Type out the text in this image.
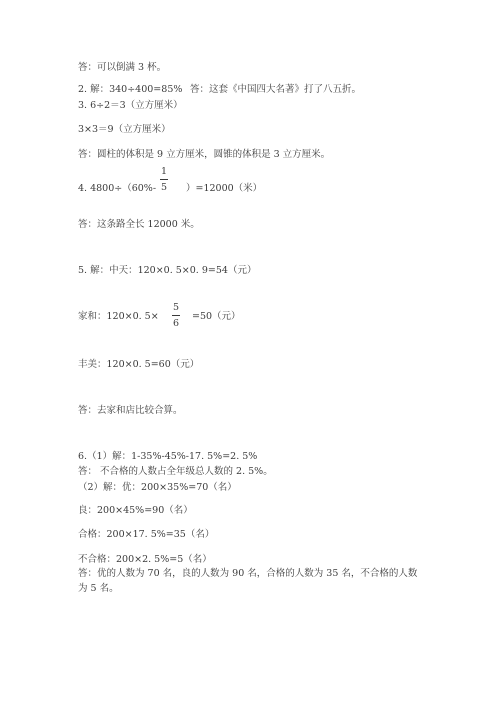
答：可以倒满 3 杯。
2. 解：340÷400=85% 答：这套《中国四大名著》打了八五折。
3. 6÷2＝3（立方厘米）
3×3＝9（立方厘米）
答：圆柱的体积是 9 立方厘米，圆锥的体积是 3 立方厘米。
4. 4800÷（60%-
1
5 ）=12000（米）
答：这条路全长 12000 米。
5. 解：中天：120×0. 5×0. 9=54（元）
家和：120×0. 5×
5
6
=50（元）
丰美：120×0. 5=60（元）
答：去家和店比较合算。
6.（1）解：1-35%-45%-17. 5%=2. 5%
答： 不合格的人数占全年级总人数的 2. 5%。
（2）解：优：200×35%=70（名）
良：200×45%=90（名）
合格：200×17. 5%=35（名）
不合格：200×2. 5%=5（名）
答：优的人数为 70 名，良的人数为 90 名，合格的人数为 35 名，不合格的人数
为 5 名。
